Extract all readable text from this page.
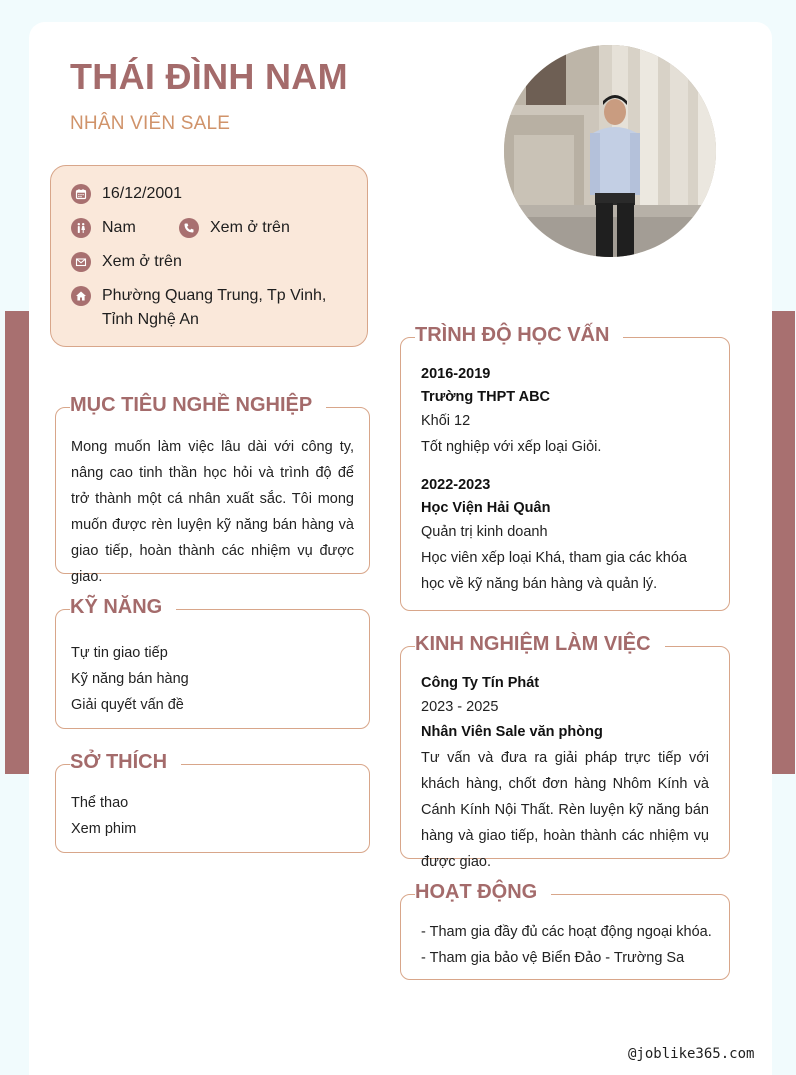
THÁI ĐÌNH NAM
NHÂN VIÊN SALE
16/12/2001
Nam	Xem ở trên
Xem ở trên
Phường Quang Trung, Tp Vinh,
Tỉnh Nghệ An
MỤC TIÊU NGHỀ NGHIỆP
Mong muốn làm việc lâu dài với công ty, nâng cao tinh thần học hỏi và trình độ để trở thành một cá nhân xuất sắc. Tôi mong muốn được rèn luyện kỹ năng bán hàng và giao tiếp, hoàn thành các nhiệm vụ được giao.
KỸ NĂNG
Tự tin giao tiếp
Kỹ năng bán hàng
Giải quyết vấn đề
SỞ THÍCH
Thể thao
Xem phim
TRÌNH ĐỘ HỌC VẤN
2016-2019
Trường THPT ABC
Khối 12
Tốt nghiệp với xếp loại Giỏi.
2022-2023
Học Viện Hải Quân
Quản trị kinh doanh
Học viên xếp loại Khá, tham gia các khóa học về kỹ năng bán hàng và quản lý.
KINH NGHIỆM LÀM VIỆC
Công Ty Tín Phát
2023 - 2025
Nhân Viên Sale văn phòng
Tư vấn và đưa ra giải pháp trực tiếp với khách hàng, chốt đơn hàng Nhôm Kính và Cánh Kính Nội Thất. Rèn luyện kỹ năng bán hàng và giao tiếp, hoàn thành các nhiệm vụ được giao.
HOẠT ĐỘNG
- Tham gia đầy đủ các hoạt động ngoại khóa.
- Tham gia bảo vệ Biển Đảo - Trường Sa
@joblike365.com
